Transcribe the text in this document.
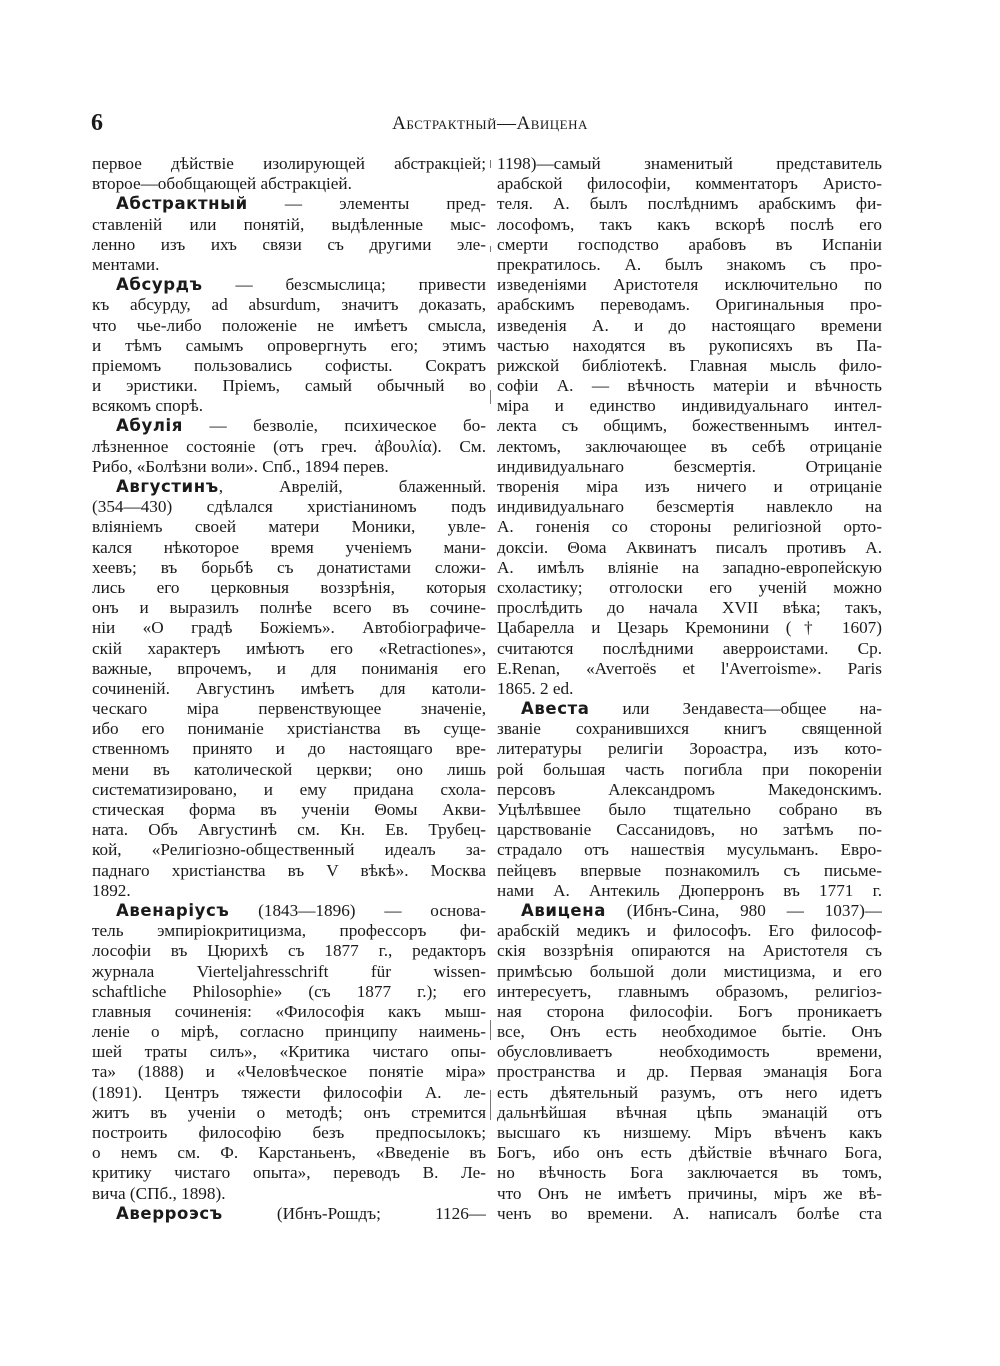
6	Абстрактный—Авицена
первое дѣйствіе изолирующей абстракціей;
второе—обобщающей абстракціей.
Абстрактный — элементы пред-
ставленій или понятій, выдѣленные мыс-
ленно изъ ихъ связи съ другими эле-
ментами.
Абсурдъ — безсмыслица; привести
къ абсурду, ad absurdum, значитъ доказать,
что чье-либо положеніе не имѣетъ смысла,
и тѣмъ самымъ опровергнуть его; этимъ
пріемомъ пользовались софисты. Сократъ
и эристики. Пріемъ, самый обычный во
всякомъ спорѣ.
Абулія — безволіе, психическое бо-
лѣзненное состояніе (отъ греч. ἀβουλία). См.
Рибо, «Болѣзни воли». Спб., 1894 перев.
Августинъ, Аврелій, блаженный.
(354—430) сдѣлался христіаниномъ подъ
вліяніемъ своей матери Моники, увле-
кался нѣкоторое время ученіемъ мани-
хеевъ; въ борьбѣ съ донатистами сложи-
лись его церковныя воззрѣнія, которыя
онъ и выразилъ полнѣе всего въ сочине-
ніи «О градѣ Божіемъ». Автобіографиче-
скій характеръ имѣютъ его «Retractiones»,
важные, впрочемъ, и для пониманія его
сочиненій. Августинъ имѣетъ для католи-
ческаго міра первенствующее значеніе,
ибо его пониманіе христіанства въ суще-
ственномъ принято и до настоящаго вре-
мени въ католической церкви; оно лишь
систематизировано, и ему придана схола-
стическая форма въ ученіи Θомы Акви-
ната. Объ Августинѣ см. Кн. Ев. Трубец-
кой, «Религіозно-общественный идеалъ за-
паднаго христіанства въ V вѣкѣ». Москва
1892.
Авенаріусъ (1843—1896) — основа-
тель эмпиріокритицизма, профессоръ фи-
лософіи въ Цюрихѣ съ 1877 г., редакторъ
журнала Vierteljahresschrift für wissen-
schaftliche Philosophie» (съ 1877 г.); его
главныя сочиненія: «Философія какъ мыш-
леніе о мірѣ, согласно принципу наимень-
шей траты силъ», «Критика чистаго опы-
та» (1888) и «Человѣческое понятіе міра»
(1891). Центръ тяжести философіи А. ле-
житъ въ ученіи о методѣ; онъ стремится
построить философію безъ предпосылокъ;
о немъ см. Ф. Карстаньенъ, «Введеніе въ
критику чистаго опыта», переводъ В. Ле-
вича (СПб., 1898).
Аверроэсъ (Ибнъ-Рошдъ; 1126—
1198)—самый знаменитый представитель
арабской философіи, комментаторъ Аристо-
теля. А. былъ послѣднимъ арабскимъ фи-
лософомъ, такъ какъ вскорѣ послѣ его
смерти господство арабовъ въ Испаніи
прекратилось. А. былъ знакомъ съ про-
изведеніями Аристотеля исключительно по
арабскимъ переводамъ. Оригинальныя про-
изведенія А. и до настоящаго времени
частью находятся въ рукописяхъ въ Па-
рижской библіотекѣ. Главная мысль фило-
софіи А. — вѣчность матеріи и вѣчность
міра и единство индивидуальнаго интел-
лекта съ общимъ, божественнымъ интел-
лектомъ, заключающее въ себѣ отрицаніе
индивидуальнаго безсмертія. Отрицаніе
творенія міра изъ ничего и отрицаніе
индивидуальнаго безсмертія навлекло на
А. гоненія со стороны религіозной орто-
доксіи. Θома Аквинатъ писалъ противъ А.
А. имѣлъ вліяніе на западно-европейскую
схоластику; отголоски его ученій можно
прослѣдить до начала XVII вѣка; такъ,
Цабарелла и Цезарь Кремонини († 1607)
считаются послѣдними аверроистами. Ср.
E.Renan, «Averroës et l'Averroisme». Paris
1865. 2 ed.
Авеста или Зендавеста—общее на-
званіе сохранившихся книгъ священной
литературы религіи Зороастра, изъ кото-
рой большая часть погибла при покореніи
персовъ Александромъ Македонскимъ.
Уцѣлѣвшее было тщательно собрано въ
царствованіе Сассанидовъ, но затѣмъ по-
страдало отъ нашествія мусульманъ. Евро-
пейцевъ впервые познакомилъ съ письме-
нами А. Антекиль Дюперронъ въ 1771 г.
Авицена (Ибнъ-Сина, 980 — 1037)—
арабскій медикъ и философъ. Его философ-
скія воззрѣнія опираются на Аристотеля съ
примѣсью большой доли мистицизма, и его
интересуетъ, главнымъ образомъ, религіоз-
ная сторона философіи. Богъ проникаетъ
все, Онъ есть необходимое бытіе. Онъ
обусловливаетъ необходимость времени,
пространства и др. Первая эманація Бога
есть дѣятельный разумъ, отъ него идетъ
дальнѣйшая вѣчная цѣпь эманацій отъ
высшаго къ низшему. Міръ вѣченъ какъ
Богъ, ибо онъ есть дѣйствіе вѣчнаго Бога,
но вѣчность Бога заключается въ томъ,
что Онъ не имѣетъ причины, міръ же вѣ-
ченъ во времени. А. написалъ болѣе ста
